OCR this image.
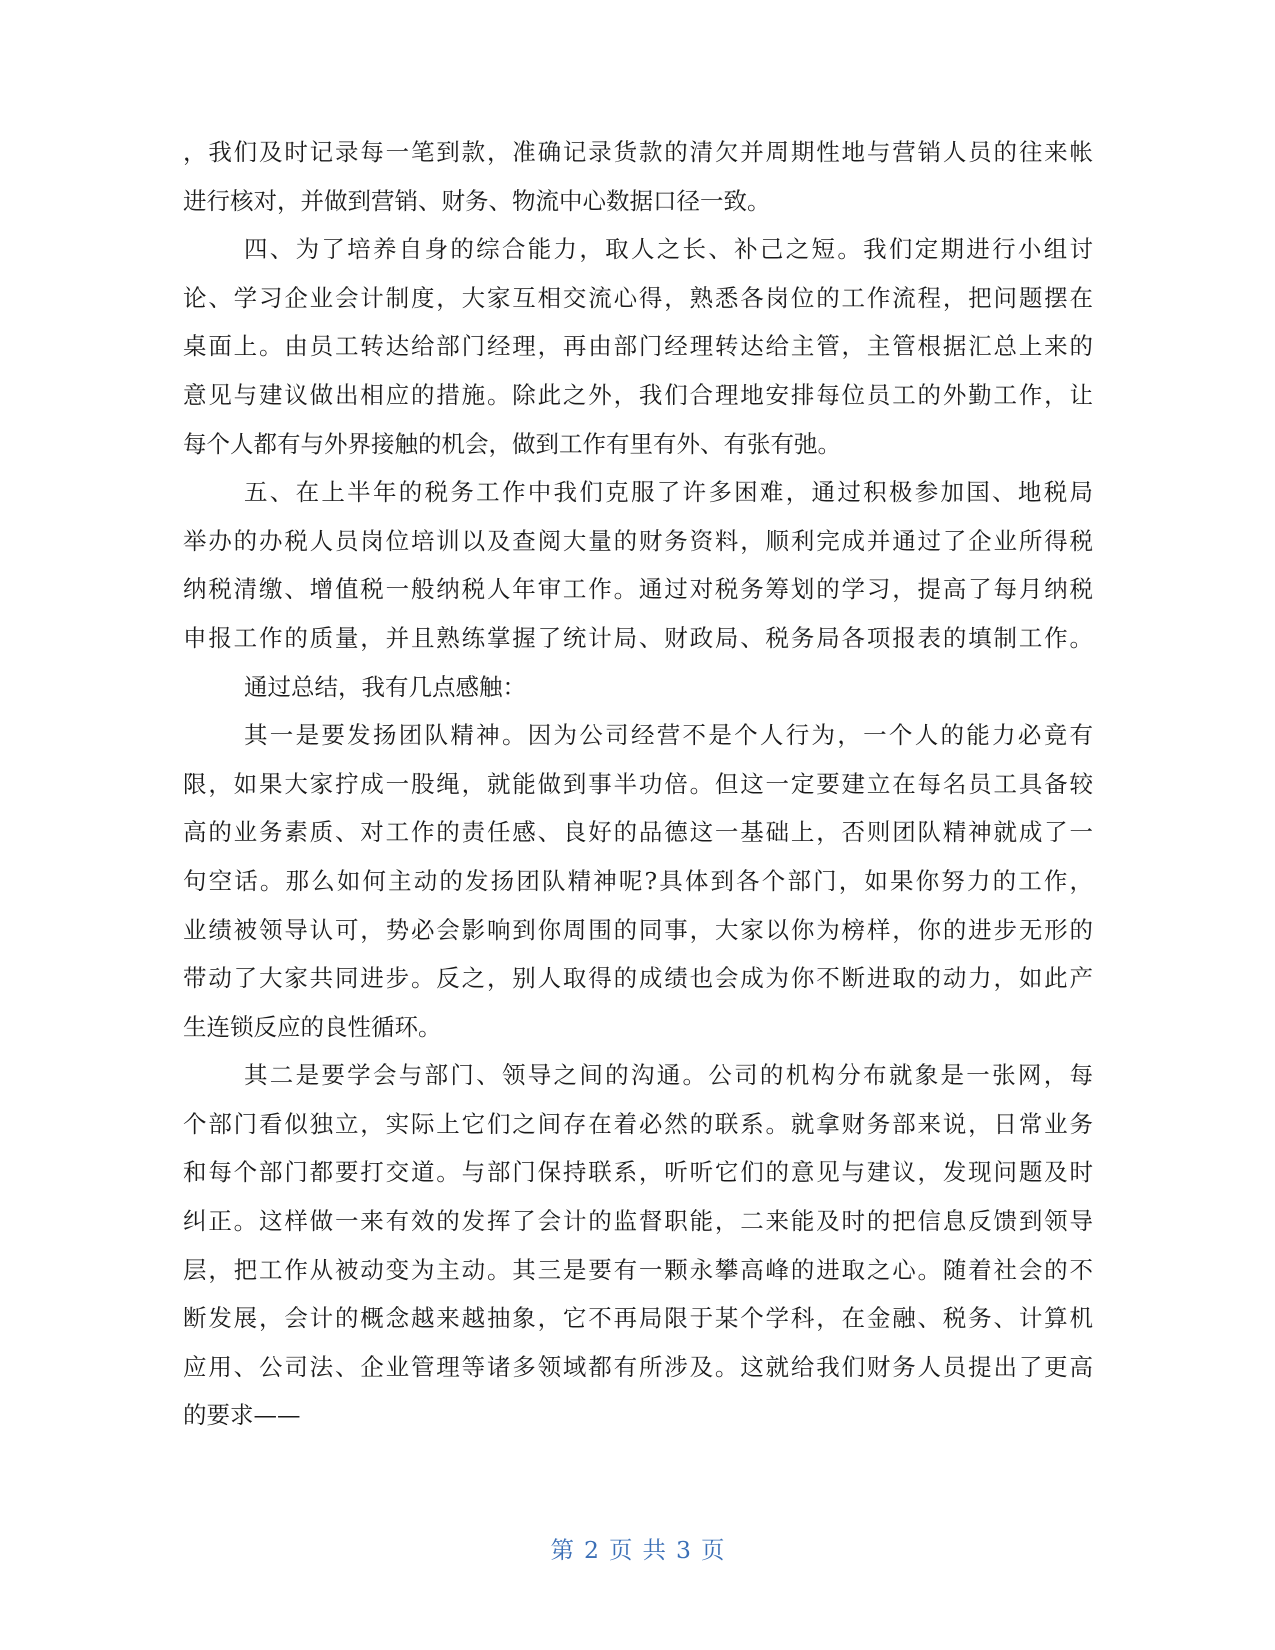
，我们及时记录每一笔到款，准确记录货款的清欠并周期性地与营销人员的往来帐
进行核对，并做到营销、财务、物流中心数据口径一致。
四、为了培养自身的综合能力，取人之长、补己之短。我们定期进行小组讨
论、学习企业会计制度，大家互相交流心得，熟悉各岗位的工作流程，把问题摆在
桌面上。由员工转达给部门经理，再由部门经理转达给主管，主管根据汇总上来的
意见与建议做出相应的措施。除此之外，我们合理地安排每位员工的外勤工作，让
每个人都有与外界接触的机会，做到工作有里有外、有张有弛。
五、在上半年的税务工作中我们克服了许多困难，通过积极参加国、地税局
举办的办税人员岗位培训以及查阅大量的财务资料，顺利完成并通过了企业所得税
纳税清缴、增值税一般纳税人年审工作。通过对税务筹划的学习，提高了每月纳税
申报工作的质量，并且熟练掌握了统计局、财政局、税务局各项报表的填制工作。
通过总结，我有几点感触：
其一是要发扬团队精神。因为公司经营不是个人行为，一个人的能力必竟有
限，如果大家拧成一股绳，就能做到事半功倍。但这一定要建立在每名员工具备较
高的业务素质、对工作的责任感、良好的品德这一基础上，否则团队精神就成了一
句空话。那么如何主动的发扬团队精神呢?具体到各个部门，如果你努力的工作，
业绩被领导认可，势必会影响到你周围的同事，大家以你为榜样，你的进步无形的
带动了大家共同进步。反之，别人取得的成绩也会成为你不断进取的动力，如此产
生连锁反应的良性循环。
其二是要学会与部门、领导之间的沟通。公司的机构分布就象是一张网，每
个部门看似独立，实际上它们之间存在着必然的联系。就拿财务部来说，日常业务
和每个部门都要打交道。与部门保持联系，听听它们的意见与建议，发现问题及时
纠正。这样做一来有效的发挥了会计的监督职能，二来能及时的把信息反馈到领导
层，把工作从被动变为主动。其三是要有一颗永攀高峰的进取之心。随着社会的不
断发展，会计的概念越来越抽象，它不再局限于某个学科，在金融、税务、计算机
应用、公司法、企业管理等诸多领域都有所涉及。这就给我们财务人员提出了更高
的要求——
第 2 页 共 3 页
